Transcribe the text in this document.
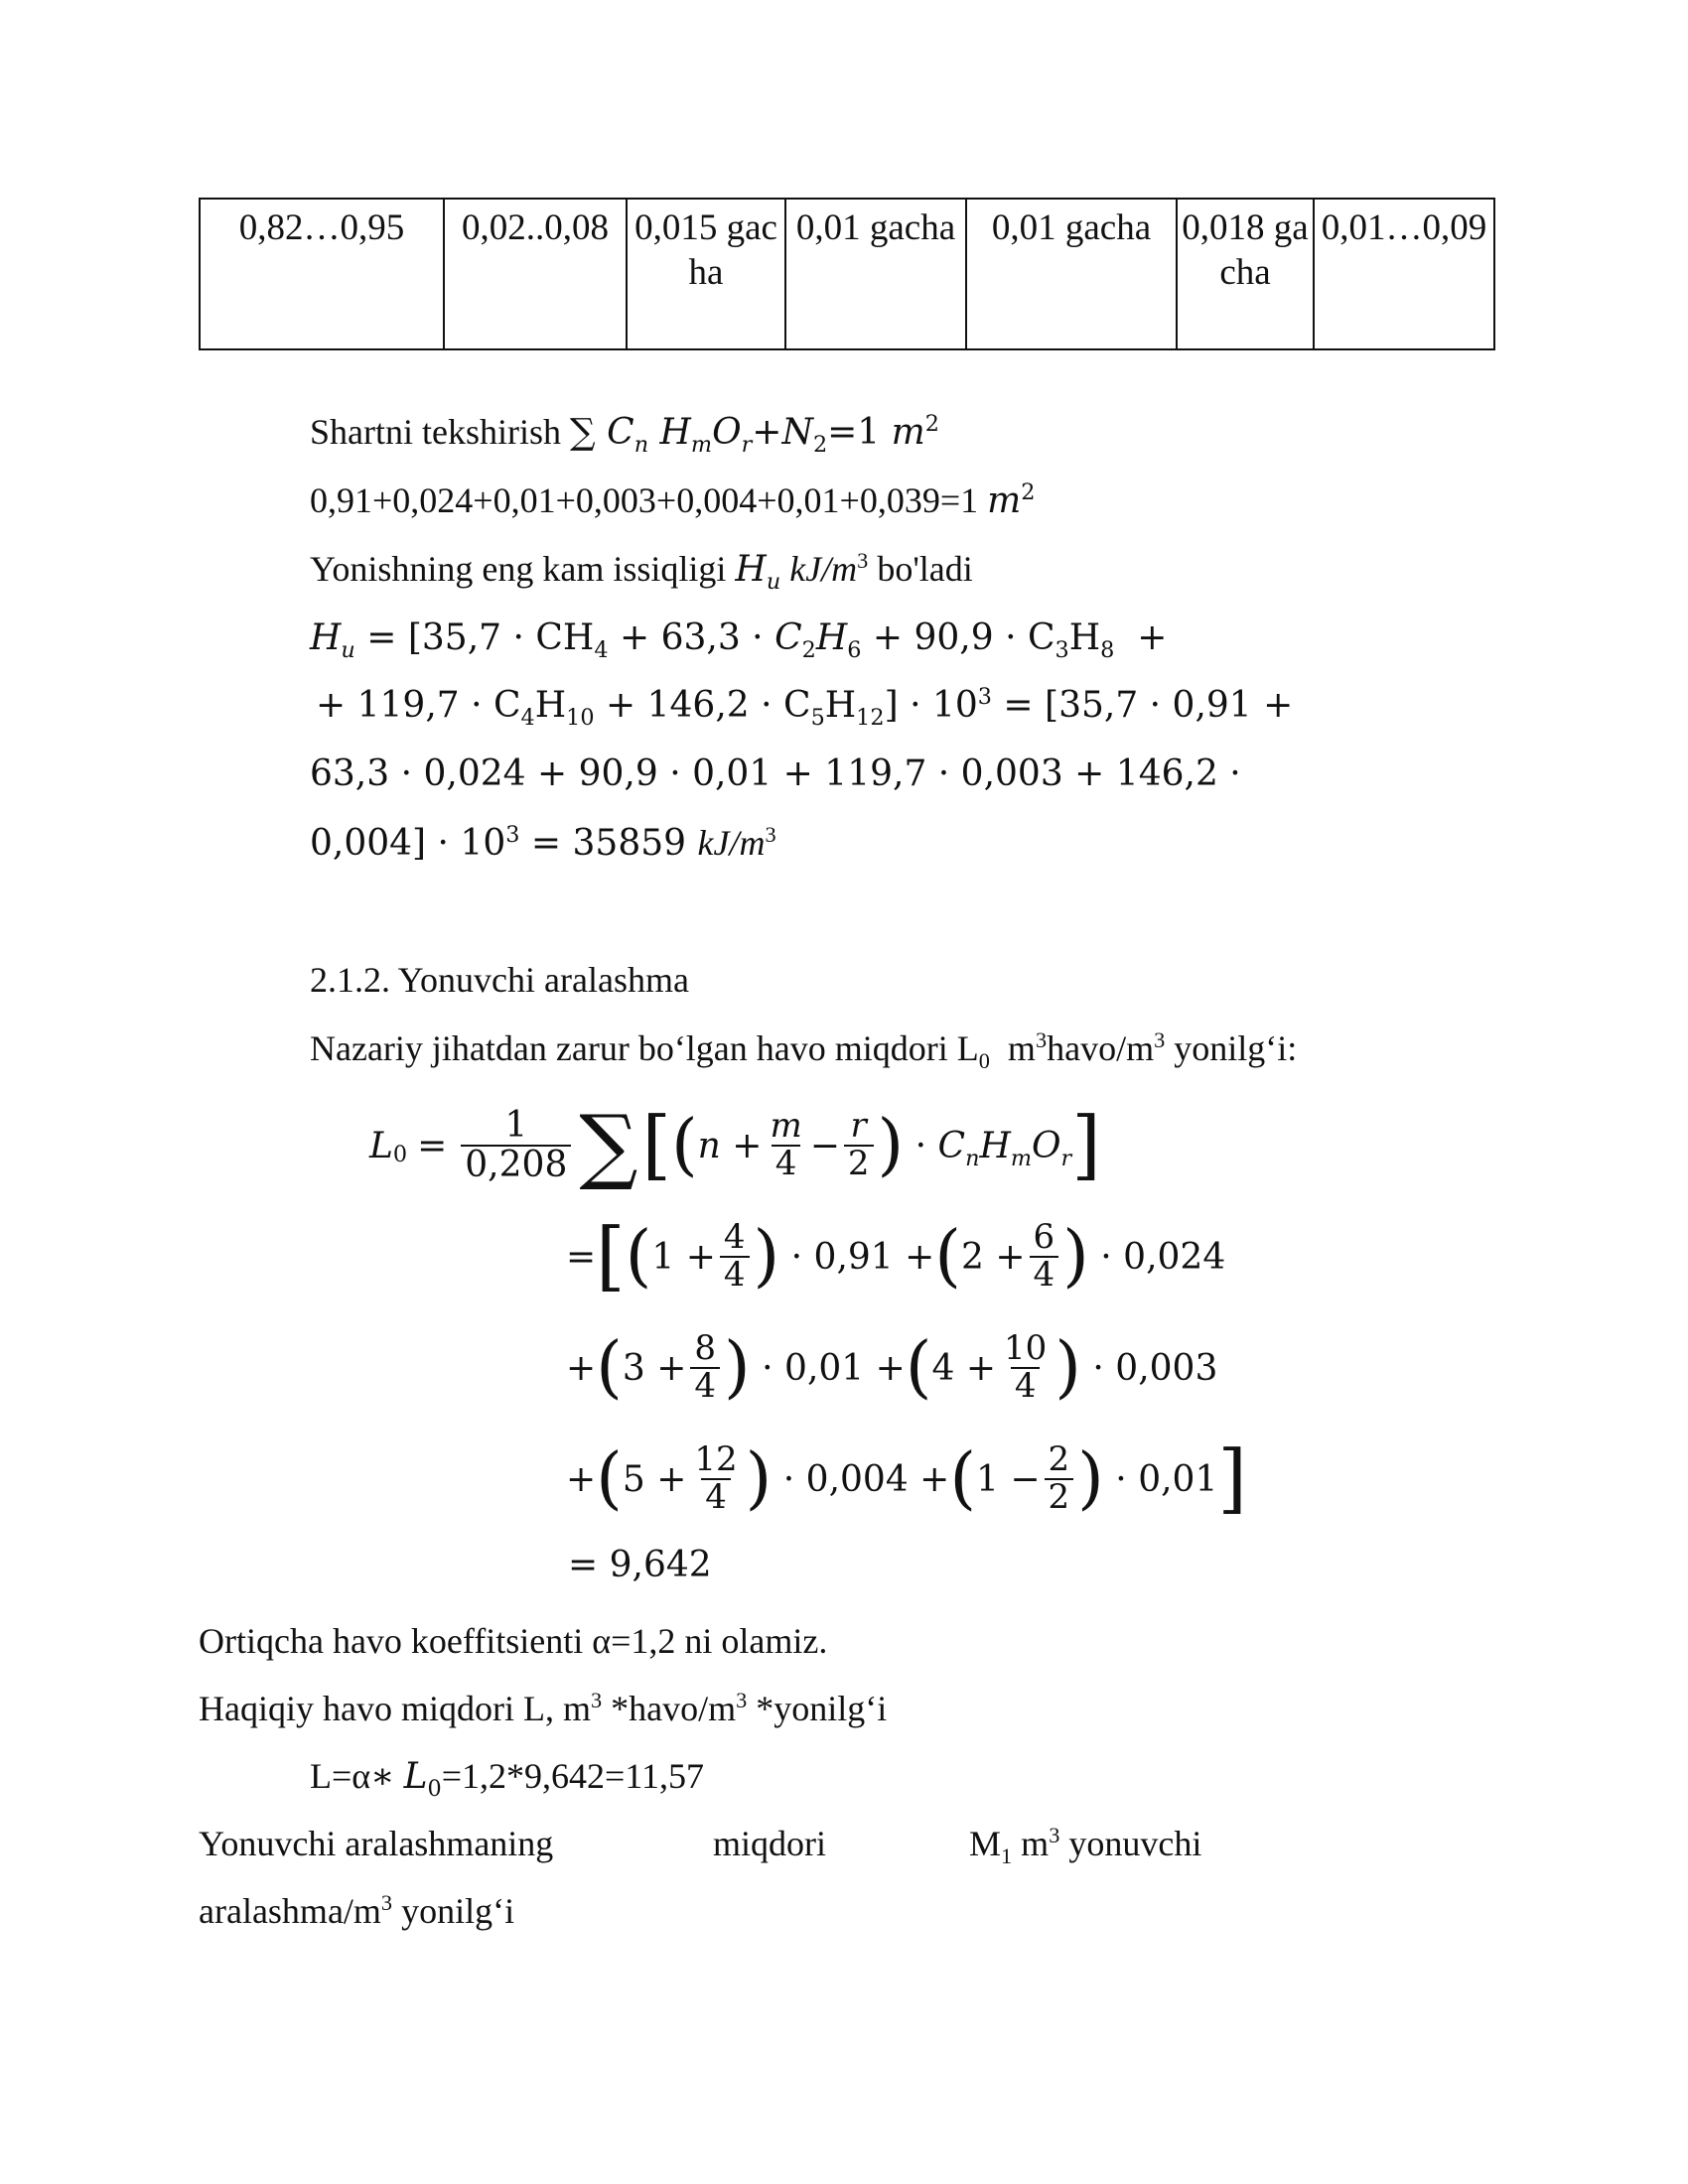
0,82…0,95	0,02..0,08	0,015 gacha	0,01 gacha	0,01 gacha	0,018 gacha	0,01…0,09
Shartni tekshirish ∑ $C_n$ $H_mO_r+N_2=1$ $m^2$
0,91+0,024+0,01+0,003+0,004+0,01+0,039=1 $m^2$
Yonishning eng kam issiqligi $H_u$ $kJ/m^3$ bo'ladi
$H_u = [35,7 \cdot CH_4 + 63,3 \cdot C_2H_6 + 90,9 \cdot C_3H_8$  +
+ $119,7 \cdot C_4H_{10} + 146,2 \cdot C_5H_{12}] \cdot 10^3 = [35,7 \cdot 0,91$ +
63,3 · 0,024 + 90,9 · 0,01 + 119,7 · 0,003 + 146,2 ·
$0,004] \cdot 10^3 = 35859$ $kJ/m^3$
2.1.2. Yonuvchi aralashma
Nazariy jihatdan zarur bo‘lgan havo miqdori $L_0$  $m^3havo/m^3$ yonilg‘i:
L $0 = \frac{1}{0,208}$ ∑ [ ( $n + \frac{m}{4} - \frac{r}{2}$ ) · $C_nH_mO_r$ ]
= [ ( $1 + \frac{4}{4}$ ) · 0,91 + ( $2 + \frac{6}{4}$ ) · 0,024
+ ( $3 + \frac{8}{4}$ ) · 0,01 + ( $4 + \frac{10}{4}$ ) · 0,003
+ ( $5 + \frac{12}{4}$ ) · 0,004 + ( $1 - \frac{2}{2}$ ) · 0,01 ]
= 9,642
Ortiqcha havo koeffitsienti α=1,2 ni olamiz.
Haqiqiy havo miqdori L, $m^3$ $*havo/m^3$ *yonilg‘i
L=α∗ $L_0=1,2*9,642=11,57$
Yonuvchi aralashmaning	miqdori	$M_1$ $m^3$ yonuvchi
aralashma/$m^3$ yonilg‘i
